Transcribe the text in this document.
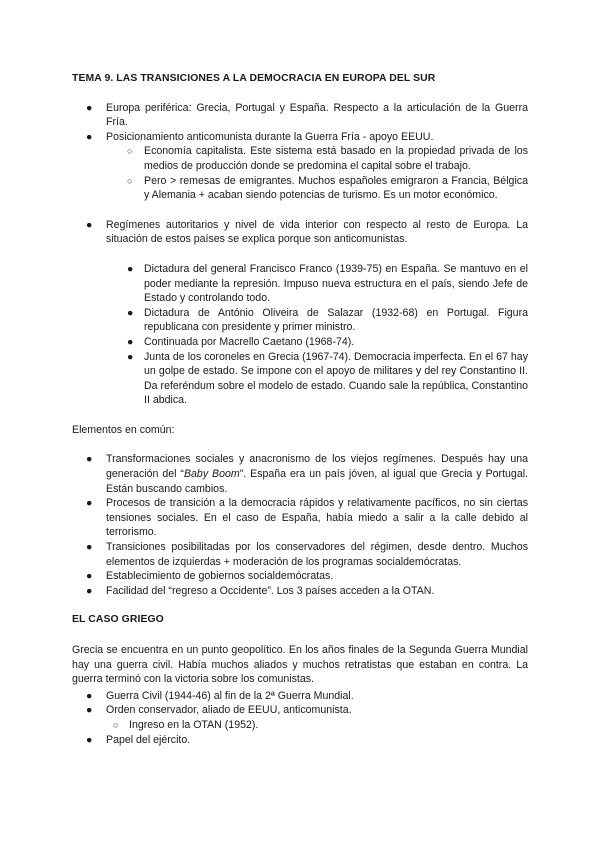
TEMA 9. LAS TRANSICIONES A LA DEMOCRACIA EN EUROPA DEL SUR

● Europa periférica: Grecia, Portugal y España. Respecto a la articulación de la Guerra Fría.
● Posicionamiento anticomunista durante la Guerra Fría - apoyo EEUU.
○ Economía capitalista. Este sistema está basado en la propiedad privada de los medios de producción donde se predomina el capital sobre el trabajo.
○ Pero > remesas de emigrantes. Muchos españoles emigraron a Francia, Bélgica y Alemania + acaban siendo potencias de turismo. Es un motor económico.
● Regímenes autoritarios y nivel de vida interior con respecto al resto de Europa. La situación de estos países se explica porque son anticomunistas.
● Dictadura del general Francisco Franco (1939-75) en España. Se mantuvo en el poder mediante la represión. Impuso nueva estructura en el país, siendo Jefe de Estado y controlando todo.
● Dictadura de António Oliveira de Salazar (1932-68) en Portugal. Figura republicana con presidente y primer ministro.
● Continuada por Macrello Caetano (1968-74).
● Junta de los coroneles en Grecia (1967-74). Democracia imperfecta. En el 67 hay un golpe de estado. Se impone con el apoyo de militares y del rey Constantino II. Da referéndum sobre el modelo de estado. Cuando sale la república, Constantino II abdica.

Elementos en común:

● Transformaciones sociales y anacronismo de los viejos regímenes. Después hay una generación del “Baby Boom”. España era un país jóven, al igual que Grecia y Portugal. Están buscando cambios.
● Procesos de transición a la democracia rápidos y relativamente pacíficos, no sin ciertas tensiones sociales. En el caso de España, había miedo a salir a la calle debido al terrorismo.
● Transiciones posibilitadas por los conservadores del régimen, desde dentro. Muchos elementos de izquierdas + moderación de los programas socialdemócratas.
● Establecimiento de gobiernos socialdemócratas.
● Facilidad del “regreso a Occidente”. Los 3 países acceden a la OTAN.

EL CASO GRIEGO

Grecia se encuentra en un punto geopolítico. En los años finales de la Segunda Guerra Mundial hay una guerra civil. Había muchos aliados y muchos retratistas que estaban en contra. La guerra terminó con la victoria sobre los comunistas.

● Guerra Civil (1944-46) al fin de la 2ª Guerra Mundial.
● Orden conservador, aliado de EEUU, anticomunista.
○ Ingreso en la OTAN (1952).
● Papel del ejército.
